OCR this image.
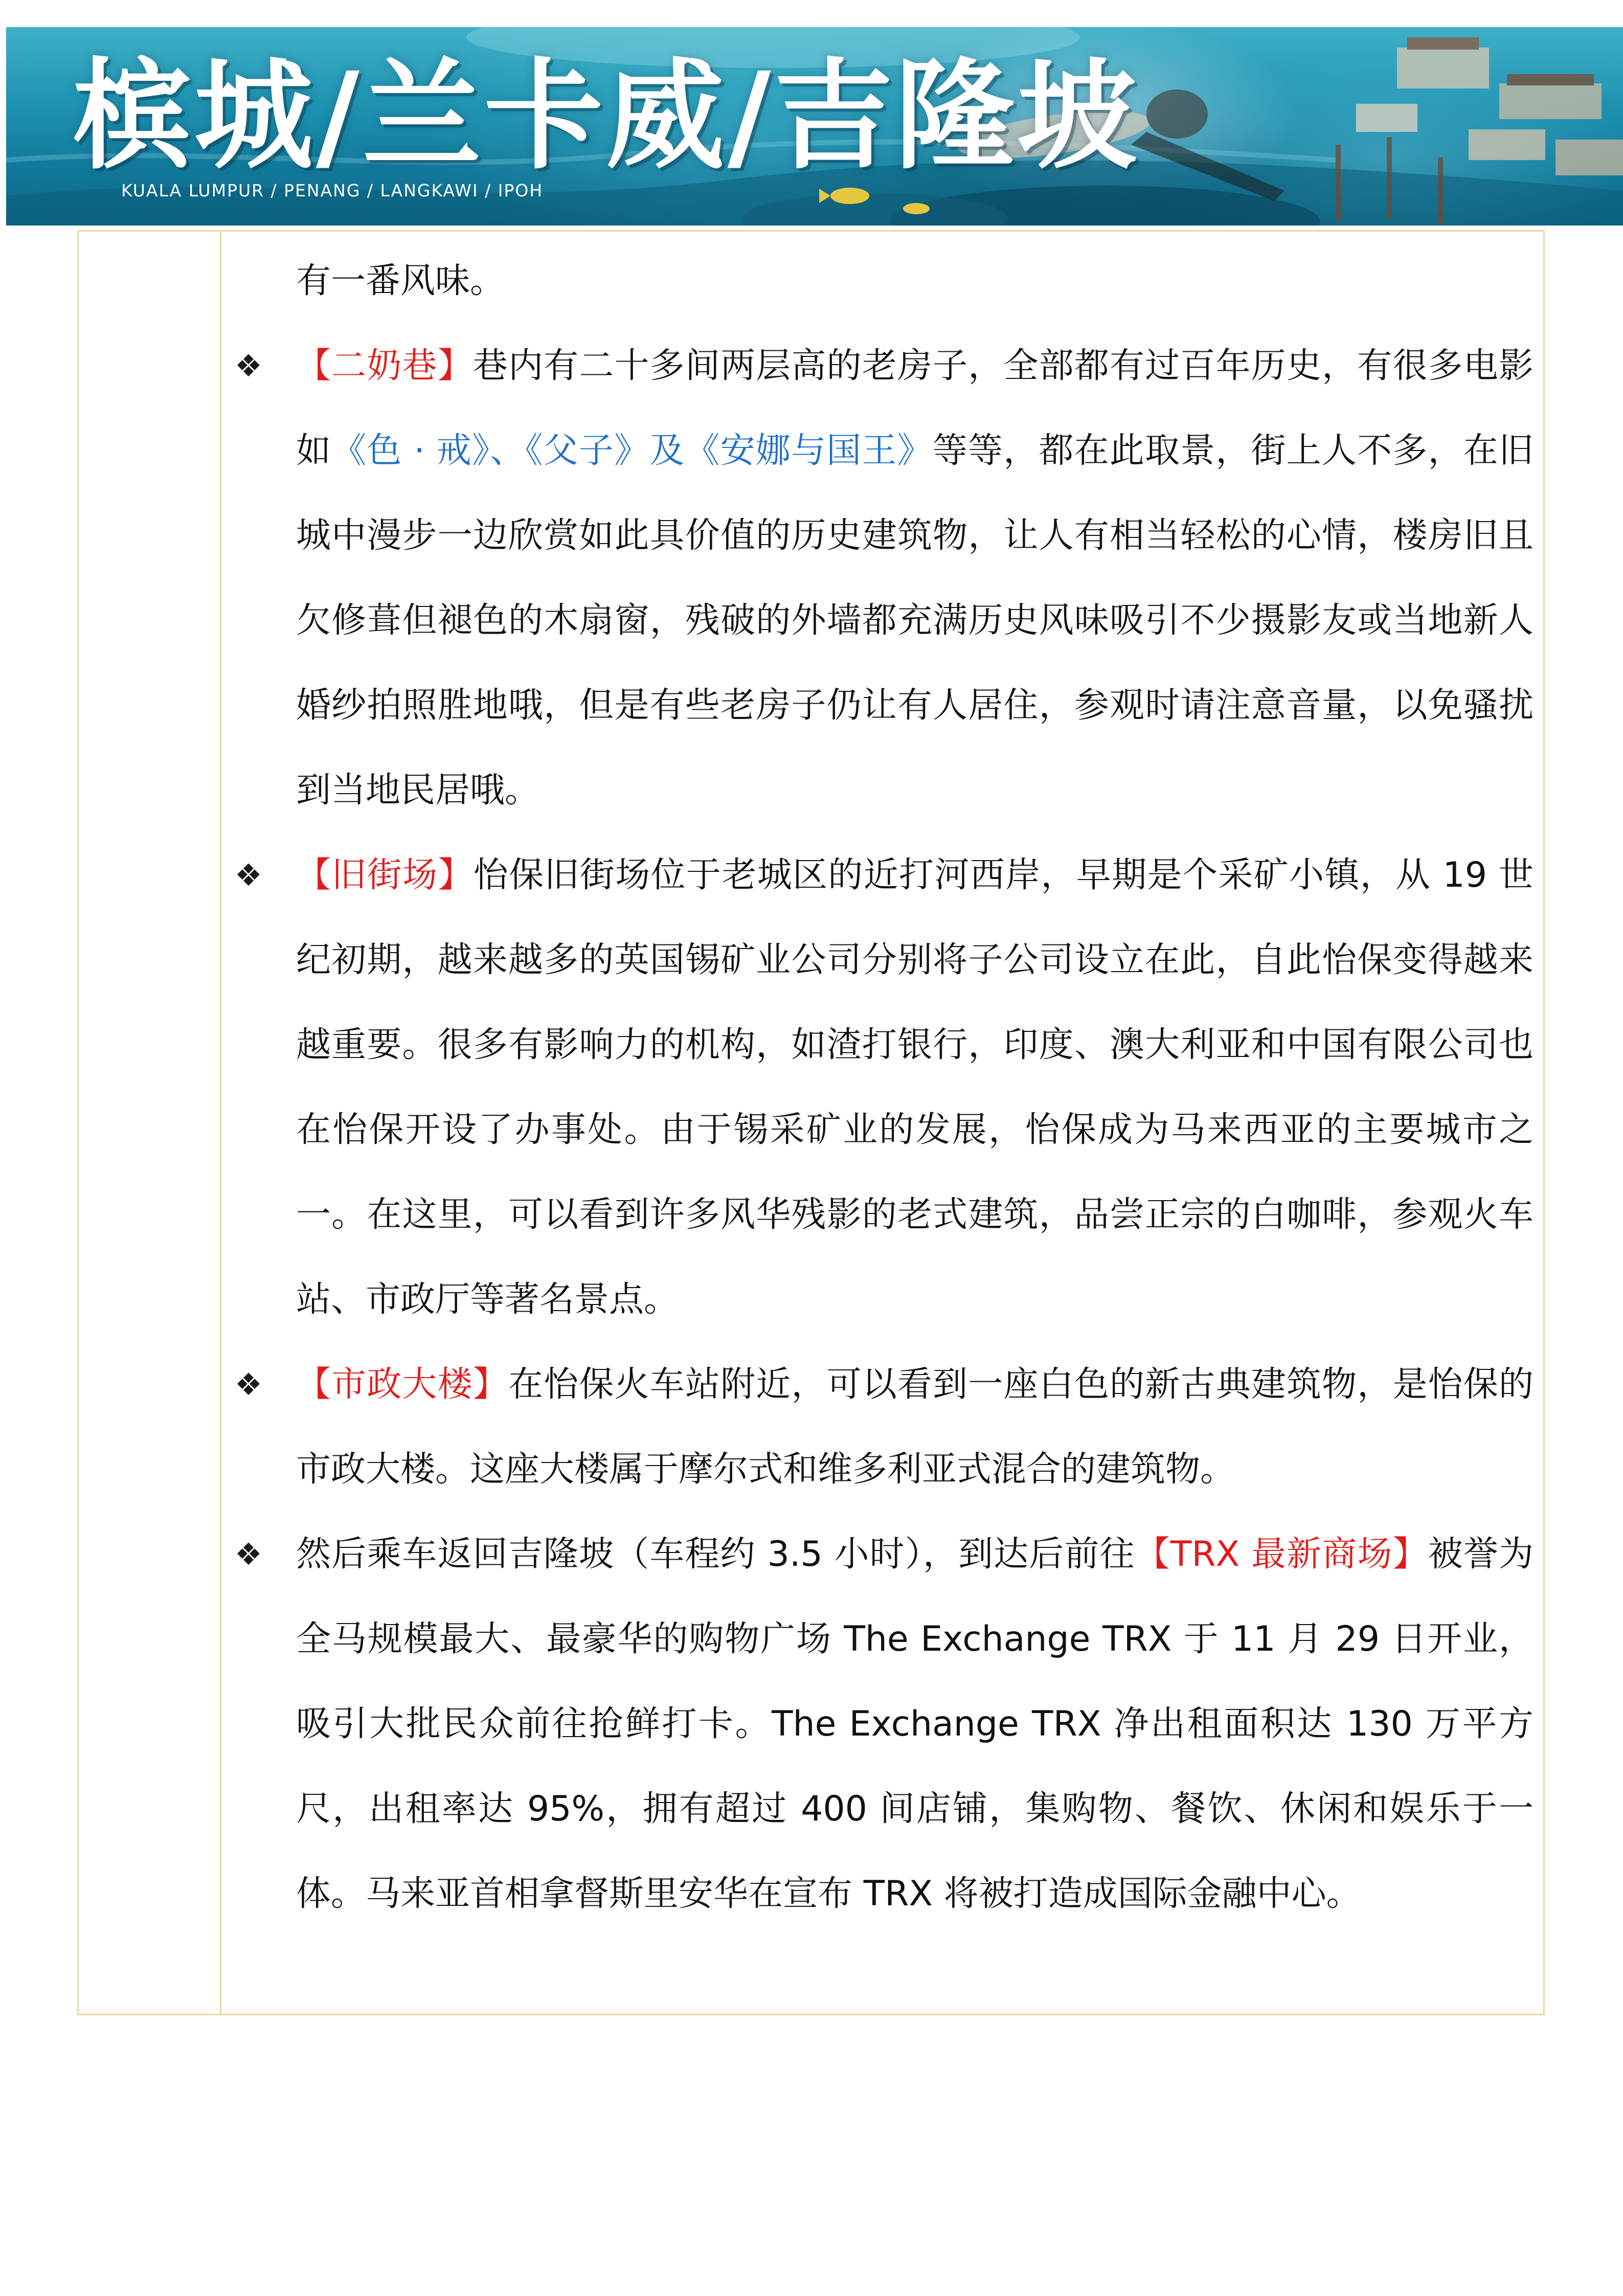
槟城/兰卡威/吉隆坡
KUALA LUMPUR / PENANG / LANGKAWI / IPOH
有一番风味。
❖ 【二奶巷】巷内有二十多间两层高的老房子，全部都有过百年历史，有很多电影如《色 · 戒》、《父子》及《安娜与国王》等等，都在此取景，街上人不多，在旧城中漫步一边欣赏如此具价值的历史建筑物，让人有相当轻松的心情，楼房旧且欠修葺但褪色的木扇窗，残破的外墙都充满历史风味吸引不少摄影友或当地新人婚纱拍照胜地哦，但是有些老房子仍让有人居住，参观时请注意音量，以免骚扰到当地民居哦。
❖ 【旧街场】怡保旧街场位于老城区的近打河西岸，早期是个采矿小镇，从 19 世纪初期，越来越多的英国锡矿业公司分别将子公司设立在此，自此怡保变得越来越重要。很多有影响力的机构，如渣打银行，印度、澳大利亚和中国有限公司也在怡保开设了办事处。由于锡采矿业的发展，怡保成为马来西亚的主要城市之一。在这里，可以看到许多风华残影的老式建筑，品尝正宗的白咖啡，参观火车站、市政厅等著名景点。
❖ 【市政大楼】在怡保火车站附近，可以看到一座白色的新古典建筑物，是怡保的市政大楼。这座大楼属于摩尔式和维多利亚式混合的建筑物。
❖ 然后乘车返回吉隆坡（车程约 3.5 小时），到达后前往【TRX 最新商场】被誉为全马规模最大、最豪华的购物广场 The Exchange TRX 于 11 月 29 日开业，吸引大批民众前往抢鲜打卡。The Exchange TRX 净出租面积达 130 万平方尺，出租率达 95%，拥有超过 400 间店铺，集购物、餐饮、休闲和娱乐于一体。马来亚首相拿督斯里安华在宣布 TRX 将被打造成国际金融中心。
